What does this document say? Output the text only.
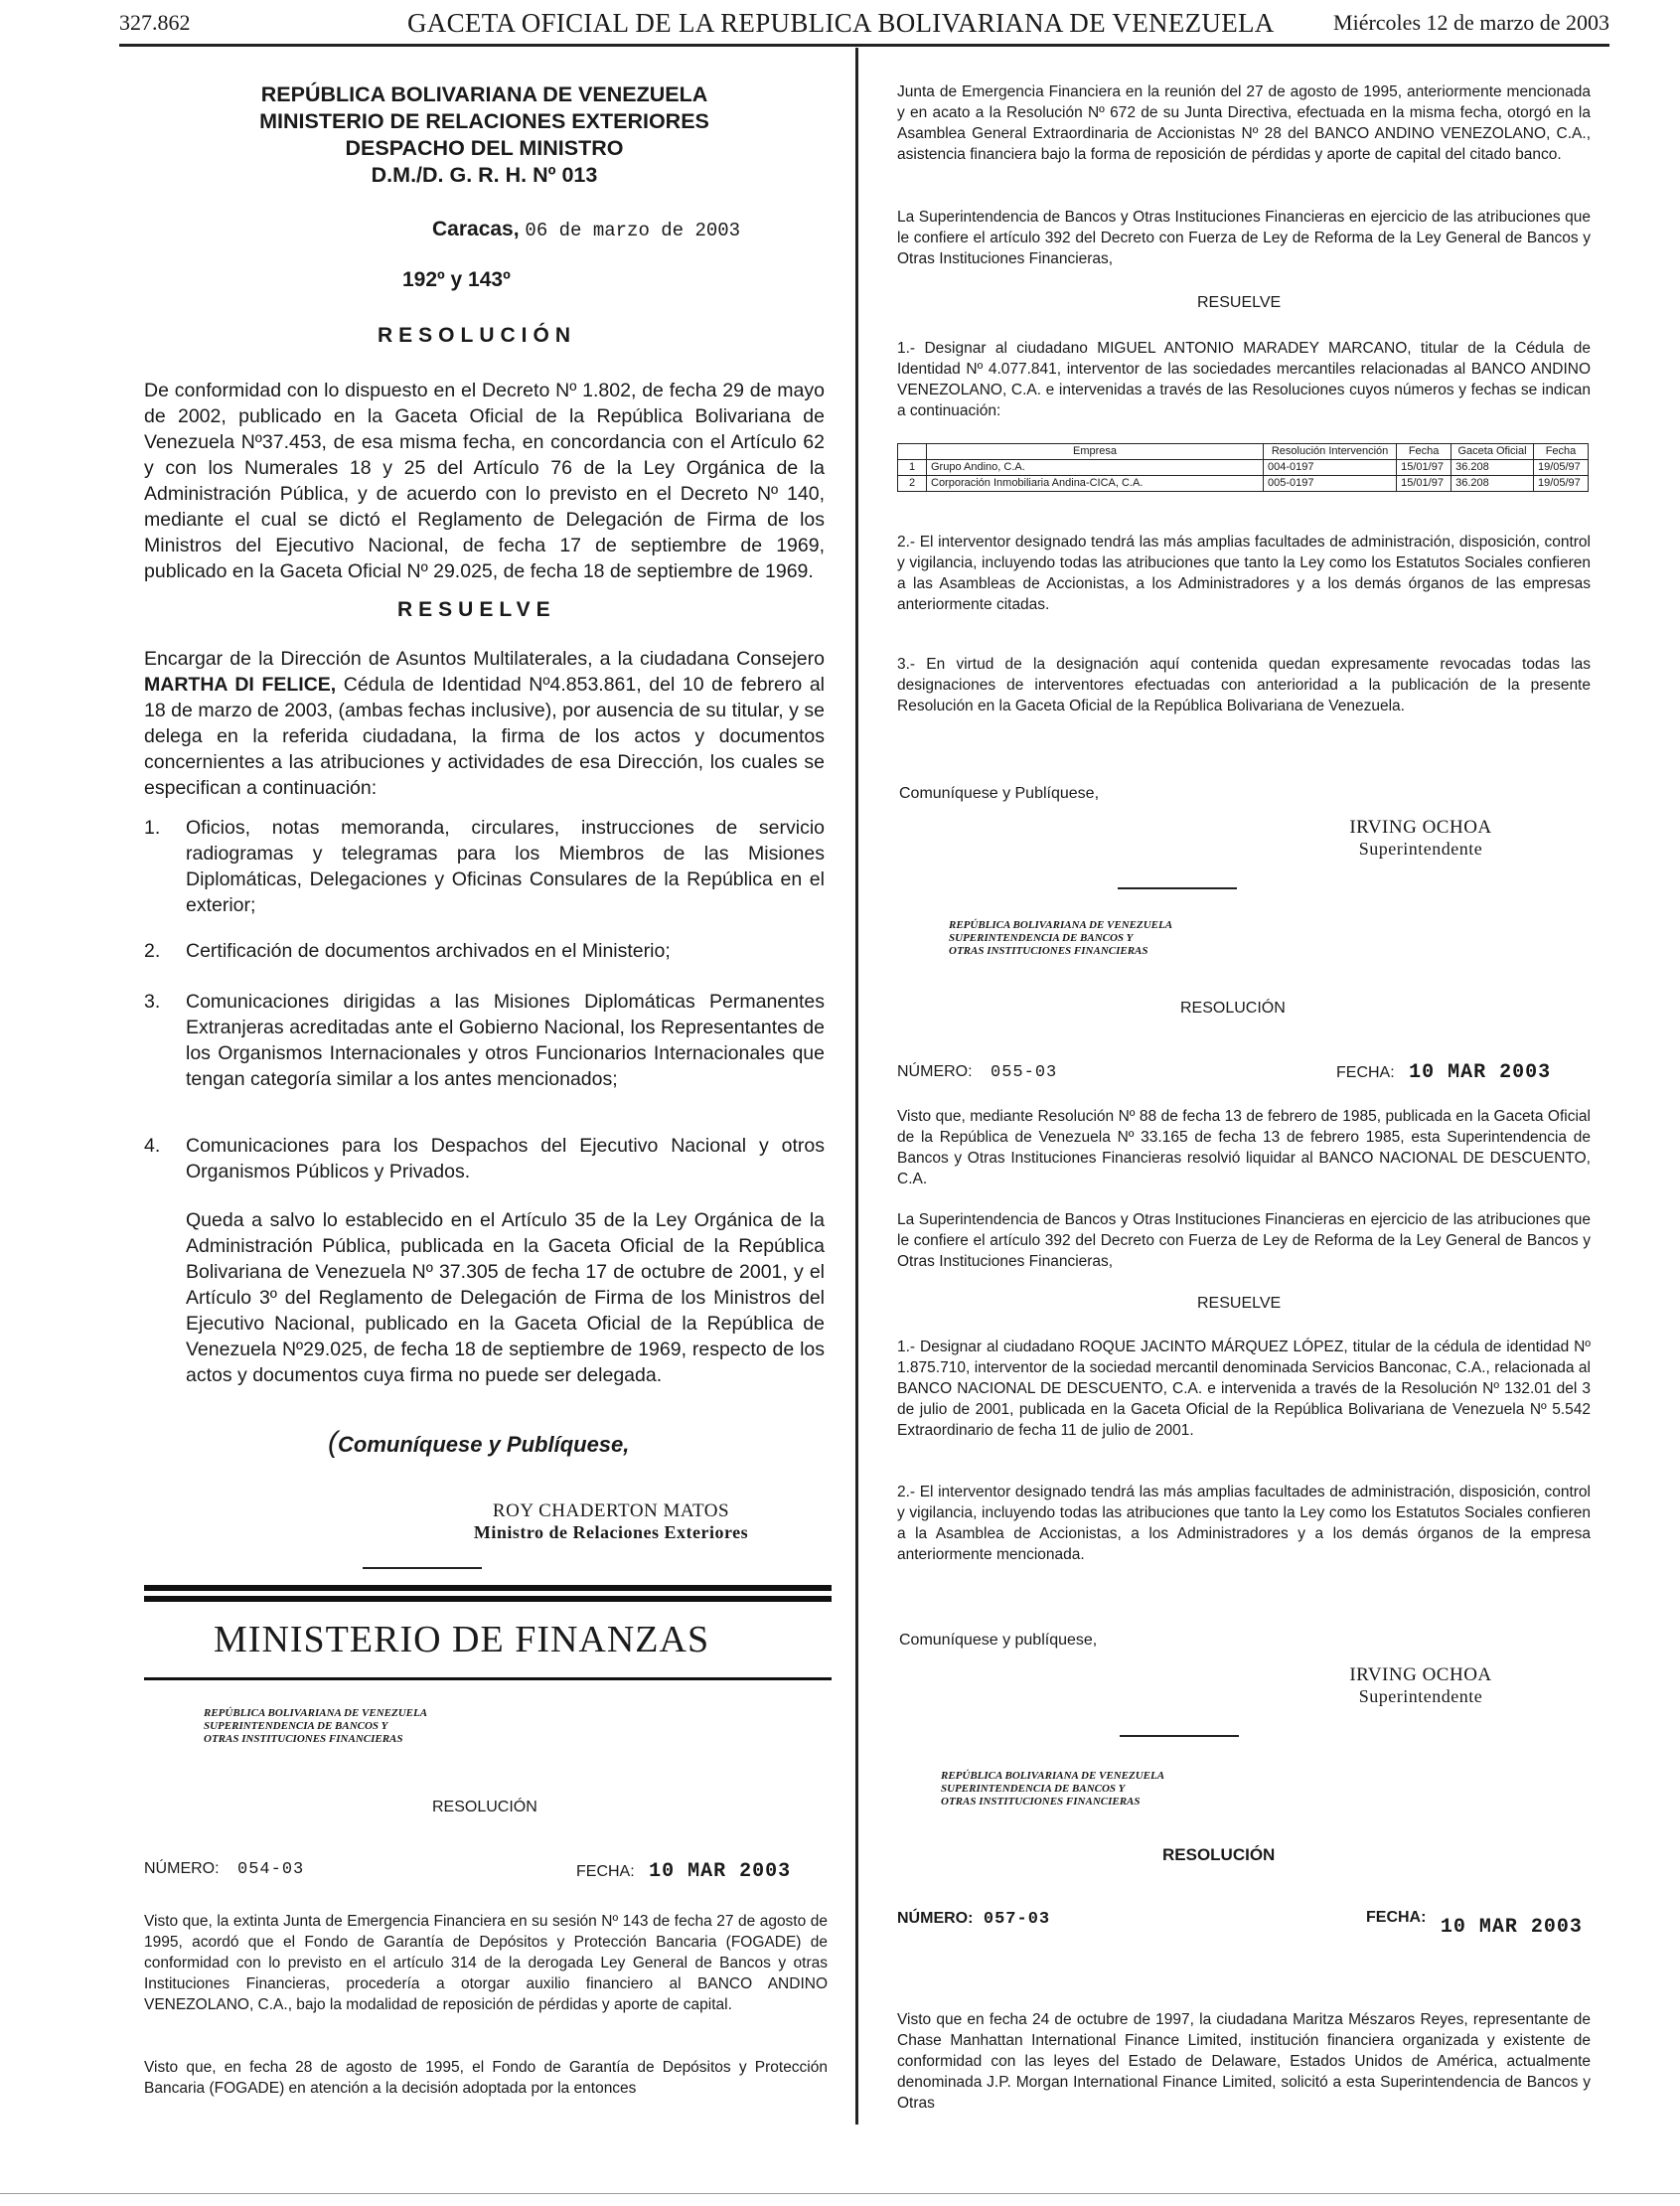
327.862	GACETA OFICIAL DE LA REPUBLICA BOLIVARIANA DE VENEZUELA	Miércoles 12 de marzo de 2003
REPÚBLICA BOLIVARIANA DE VENEZUELA
MINISTERIO DE RELACIONES EXTERIORES
DESPACHO DEL MINISTRO
D.M./D. G. R. H. Nº 013
Caracas, 06 de marzo de 2003
192º y 143º
RESOLUCIÓN

De conformidad con lo dispuesto en el Decreto Nº 1.802, de fecha 29 de mayo de 2002, publicado en la Gaceta Oficial de la República Bolivariana de Venezuela Nº37.453, de esa misma fecha, en concordancia con el Artículo 62 y con los Numerales 18 y 25 del Artículo 76 de la Ley Orgánica de la Administración Pública, y de acuerdo con lo previsto en el Decreto Nº 140, mediante el cual se dictó el Reglamento de Delegación de Firma de los Ministros del Ejecutivo Nacional, de fecha 17 de septiembre de 1969, publicado en la Gaceta Oficial Nº 29.025, de fecha 18 de septiembre de 1969.

RESUELVE

Encargar de la Dirección de Asuntos Multilaterales, a la ciudadana Consejero MARTHA DI FELICE, Cédula de Identidad Nº4.853.861, del 10 de febrero al 18 de marzo de 2003, (ambas fechas inclusive), por ausencia de su titular, y se delega en la referida ciudadana, la firma de los actos y documentos concernientes a las atribuciones y actividades de esa Dirección, los cuales se especifican a continuación:

1. Oficios, notas memoranda, circulares, instrucciones de servicio radiogramas y telegramas para los Miembros de las Misiones Diplomáticas, Delegaciones y Oficinas Consulares de la República en el exterior;
2. Certificación de documentos archivados en el Ministerio;
3. Comunicaciones dirigidas a las Misiones Diplomáticas Permanentes Extranjeras acreditadas ante el Gobierno Nacional, los Representantes de los Organismos Internacionales y otros Funcionarios Internacionales que tengan categoría similar a los antes mencionados;
4. Comunicaciones para los Despachos del Ejecutivo Nacional y otros Organismos Públicos y Privados.

Queda a salvo lo establecido en el Artículo 35 de la Ley Orgánica de la Administración Pública, publicada en la Gaceta Oficial de la República Bolivariana de Venezuela Nº 37.305 de fecha 17 de octubre de 2001, y el Artículo 3º del Reglamento de Delegación de Firma de los Ministros del Ejecutivo Nacional, publicado en la Gaceta Oficial de la República de Venezuela Nº29.025, de fecha 18 de septiembre de 1969, respecto de los actos y documentos cuya firma no puede ser delegada.

(Comuníquese y Publíquese,
ROY CHADERTON MATOS
Ministro de Relaciones Exteriores
MINISTERIO DE FINANZAS
REPÚBLICA BOLIVARIANA DE VENEZUELA
SUPERINTENDENCIA DE BANCOS Y
OTRAS INSTITUCIONES FINANCIERAS
RESOLUCIÓN
NÚMERO: 054-03	FECHA: 10 MAR 2003

Visto que, la extinta Junta de Emergencia Financiera en su sesión Nº 143 de fecha 27 de agosto de 1995, acordó que el Fondo de Garantía de Depósitos y Protección Bancaria (FOGADE) de conformidad con lo previsto en el artículo 314 de la derogada Ley General de Bancos y otras Instituciones Financieras, procedería a otorgar auxilio financiero al BANCO ANDINO VENEZOLANO, C.A., bajo la modalidad de reposición de pérdidas y aporte de capital.

Visto que, en fecha 28 de agosto de 1995, el Fondo de Garantía de Depósitos y Protección Bancaria (FOGADE) en atención a la decisión adoptada por la entonces

Junta de Emergencia Financiera en la reunión del 27 de agosto de 1995, anteriormente mencionada y en acato a la Resolución Nº 672 de su Junta Directiva, efectuada en la misma fecha, otorgó en la Asamblea General Extraordinaria de Accionistas Nº 28 del BANCO ANDINO VENEZOLANO, C.A., asistencia financiera bajo la forma de reposición de pérdidas y aporte de capital del citado banco.

La Superintendencia de Bancos y Otras Instituciones Financieras en ejercicio de las atribuciones que le confiere el artículo 392 del Decreto con Fuerza de Ley de Reforma de la Ley General de Bancos y Otras Instituciones Financieras,

RESUELVE

1.- Designar al ciudadano MIGUEL ANTONIO MARADEY MARCANO, titular de la Cédula de Identidad Nº 4.077.841, interventor de las sociedades mercantiles relacionadas al BANCO ANDINO VENEZOLANO, C.A. e intervenidas a través de las Resoluciones cuyos números y fechas se indican a continuación:

	Empresa	Resolución Intervención	Fecha	Gaceta Oficial	Fecha
1	Grupo Andino, C.A.	004-0197	15/01/97	36.208	19/05/97
2	Corporación Inmobiliaria Andina-CICA, C.A.	005-0197	15/01/97	36.208	19/05/97

2.- El interventor designado tendrá las más amplias facultades de administración, disposición, control y vigilancia, incluyendo todas las atribuciones que tanto la Ley como los Estatutos Sociales confieren a las Asambleas de Accionistas, a los Administradores y a los demás órganos de las empresas anteriormente citadas.

3.- En virtud de la designación aquí contenida quedan expresamente revocadas todas las designaciones de interventores efectuadas con anterioridad a la publicación de la presente Resolución en la Gaceta Oficial de la República Bolivariana de Venezuela.

Comuníquese y Publíquese,
IRVING OCHOA
Superintendente
REPÚBLICA BOLIVARIANA DE VENEZUELA
SUPERINTENDENCIA DE BANCOS Y
OTRAS INSTITUCIONES FINANCIERAS
RESOLUCIÓN
NÚMERO: 055-03	FECHA: 10 MAR 2003

Visto que, mediante Resolución Nº 88 de fecha 13 de febrero de 1985, publicada en la Gaceta Oficial de la República de Venezuela Nº 33.165 de fecha 13 de febrero 1985, esta Superintendencia de Bancos y Otras Instituciones Financieras resolvió liquidar al BANCO NACIONAL DE DESCUENTO, C.A.

La Superintendencia de Bancos y Otras Instituciones Financieras en ejercicio de las atribuciones que le confiere el artículo 392 del Decreto con Fuerza de Ley de Reforma de la Ley General de Bancos y Otras Instituciones Financieras,

RESUELVE

1.- Designar al ciudadano ROQUE JACINTO MÁRQUEZ LÓPEZ, titular de la cédula de identidad Nº 1.875.710, interventor de la sociedad mercantil denominada Servicios Banconac, C.A., relacionada al BANCO NACIONAL DE DESCUENTO, C.A. e intervenida a través de la Resolución Nº 132.01 del 3 de julio de 2001, publicada en la Gaceta Oficial de la República Bolivariana de Venezuela Nº 5.542 Extraordinario de fecha 11 de julio de 2001.

2.- El interventor designado tendrá las más amplias facultades de administración, disposición, control y vigilancia, incluyendo todas las atribuciones que tanto la Ley como los Estatutos Sociales confieren a la Asamblea de Accionistas, a los Administradores y a los demás órganos de la empresa anteriormente mencionada.

Comuníquese y publíquese,
IRVING OCHOA
Superintendente
REPÚBLICA BOLIVARIANA DE VENEZUELA
SUPERINTENDENCIA DE BANCOS Y
OTRAS INSTITUCIONES FINANCIERAS
RESOLUCIÓN
NÚMERO: 057-03	FECHA: 10 MAR 2003

Visto que en fecha 24 de octubre de 1997, la ciudadana Maritza Mészaros Reyes, representante de Chase Manhattan International Finance Limited, institución financiera organizada y existente de conformidad con las leyes del Estado de Delaware, Estados Unidos de América, actualmente denominada J.P. Morgan International Finance Limited, solicitó a esta Superintendencia de Bancos y Otras
